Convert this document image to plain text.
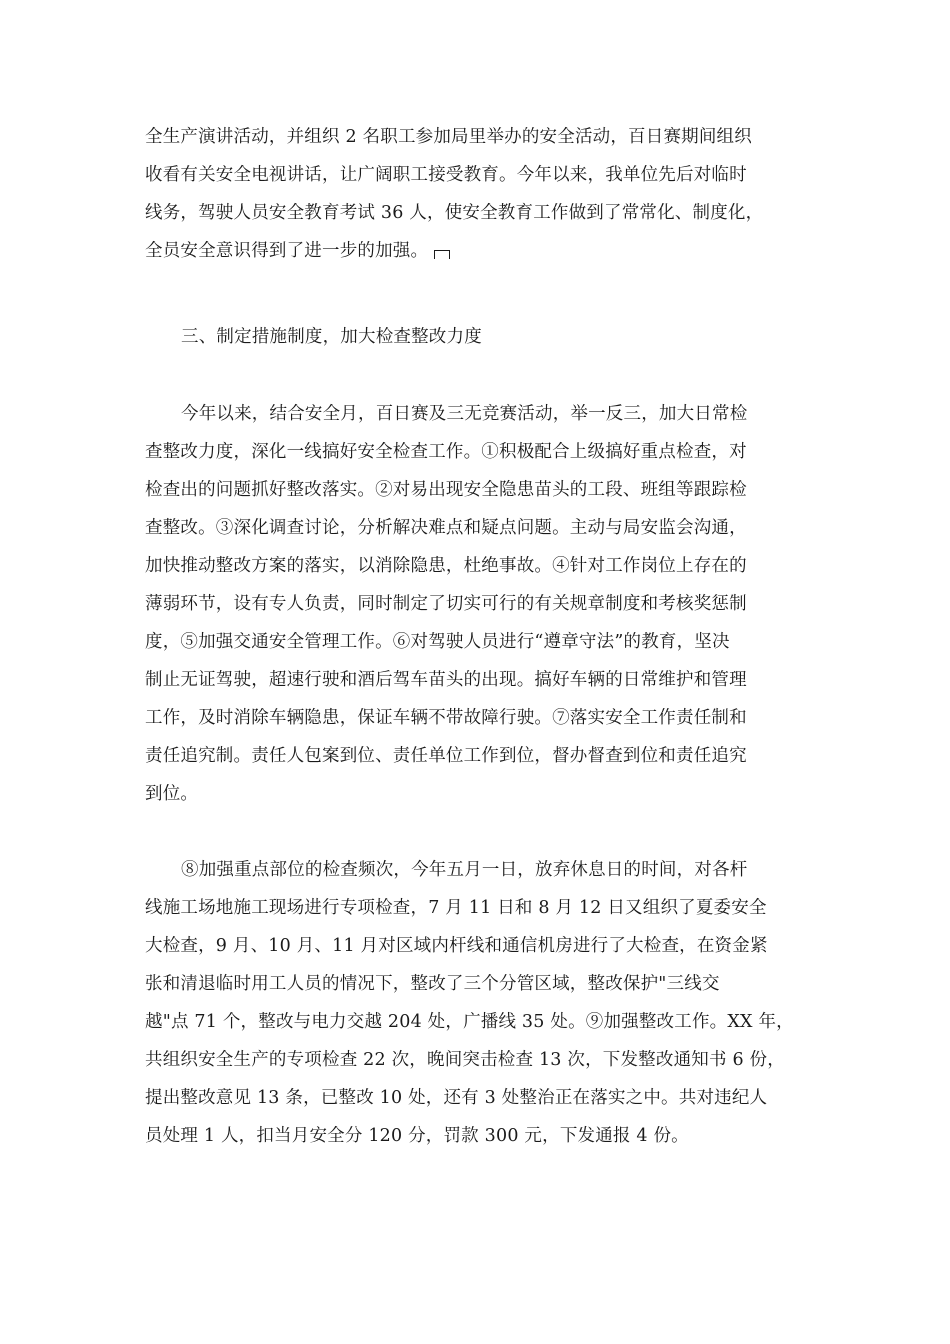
全生产演讲活动，并组织 2 名职工参加局里举办的安全活动，百日赛期间组织
收看有关安全电视讲话，让广阔职工接受教育。今年以来，我单位先后对临时
线务，驾驶人员安全教育考试 36 人，使安全教育工作做到了常常化、制度化，
全员安全意识得到了进一步的加强。
三、制定措施制度，加大检查整改力度
今年以来，结合安全月，百日赛及三无竞赛活动，举一反三，加大日常检
查整改力度，深化一线搞好安全检查工作。①积极配合上级搞好重点检查，对
检查出的问题抓好整改落实。②对易出现安全隐患苗头的工段、班组等跟踪检
查整改。③深化调查讨论，分析解决难点和疑点问题。主动与局安监会沟通，
加快推动整改方案的落实，以消除隐患，杜绝事故。④针对工作岗位上存在的
薄弱环节，设有专人负责，同时制定了切实可行的有关规章制度和考核奖惩制
度，⑤加强交通安全管理工作。⑥对驾驶人员进行“遵章守法”的教育，坚决
制止无证驾驶，超速行驶和酒后驾车苗头的出现。搞好车辆的日常维护和管理
工作，及时消除车辆隐患，保证车辆不带故障行驶。⑦落实安全工作责任制和
责任追究制。责任人包案到位、责任单位工作到位，督办督查到位和责任追究
到位。
⑧加强重点部位的检查频次，今年五月一日，放弃休息日的时间，对各杆
线施工场地施工现场进行专项检查，7 月 11 日和 8 月 12 日又组织了夏委安全
大检查，9 月、10 月、11 月对区域内杆线和通信机房进行了大检查，在资金紧
张和清退临时用工人员的情况下，整改了三个分管区域，整改保护"三线交
越"点 71 个，整改与电力交越 204 处，广播线 35 处。⑨加强整改工作。XX 年，
共组织安全生产的专项检查 22 次，晚间突击检查 13 次，下发整改通知书 6 份，
提出整改意见 13 条，已整改 10 处，还有 3 处整治正在落实之中。共对违纪人
员处理 1 人，扣当月安全分 120 分，罚款 300 元，下发通报 4 份。
